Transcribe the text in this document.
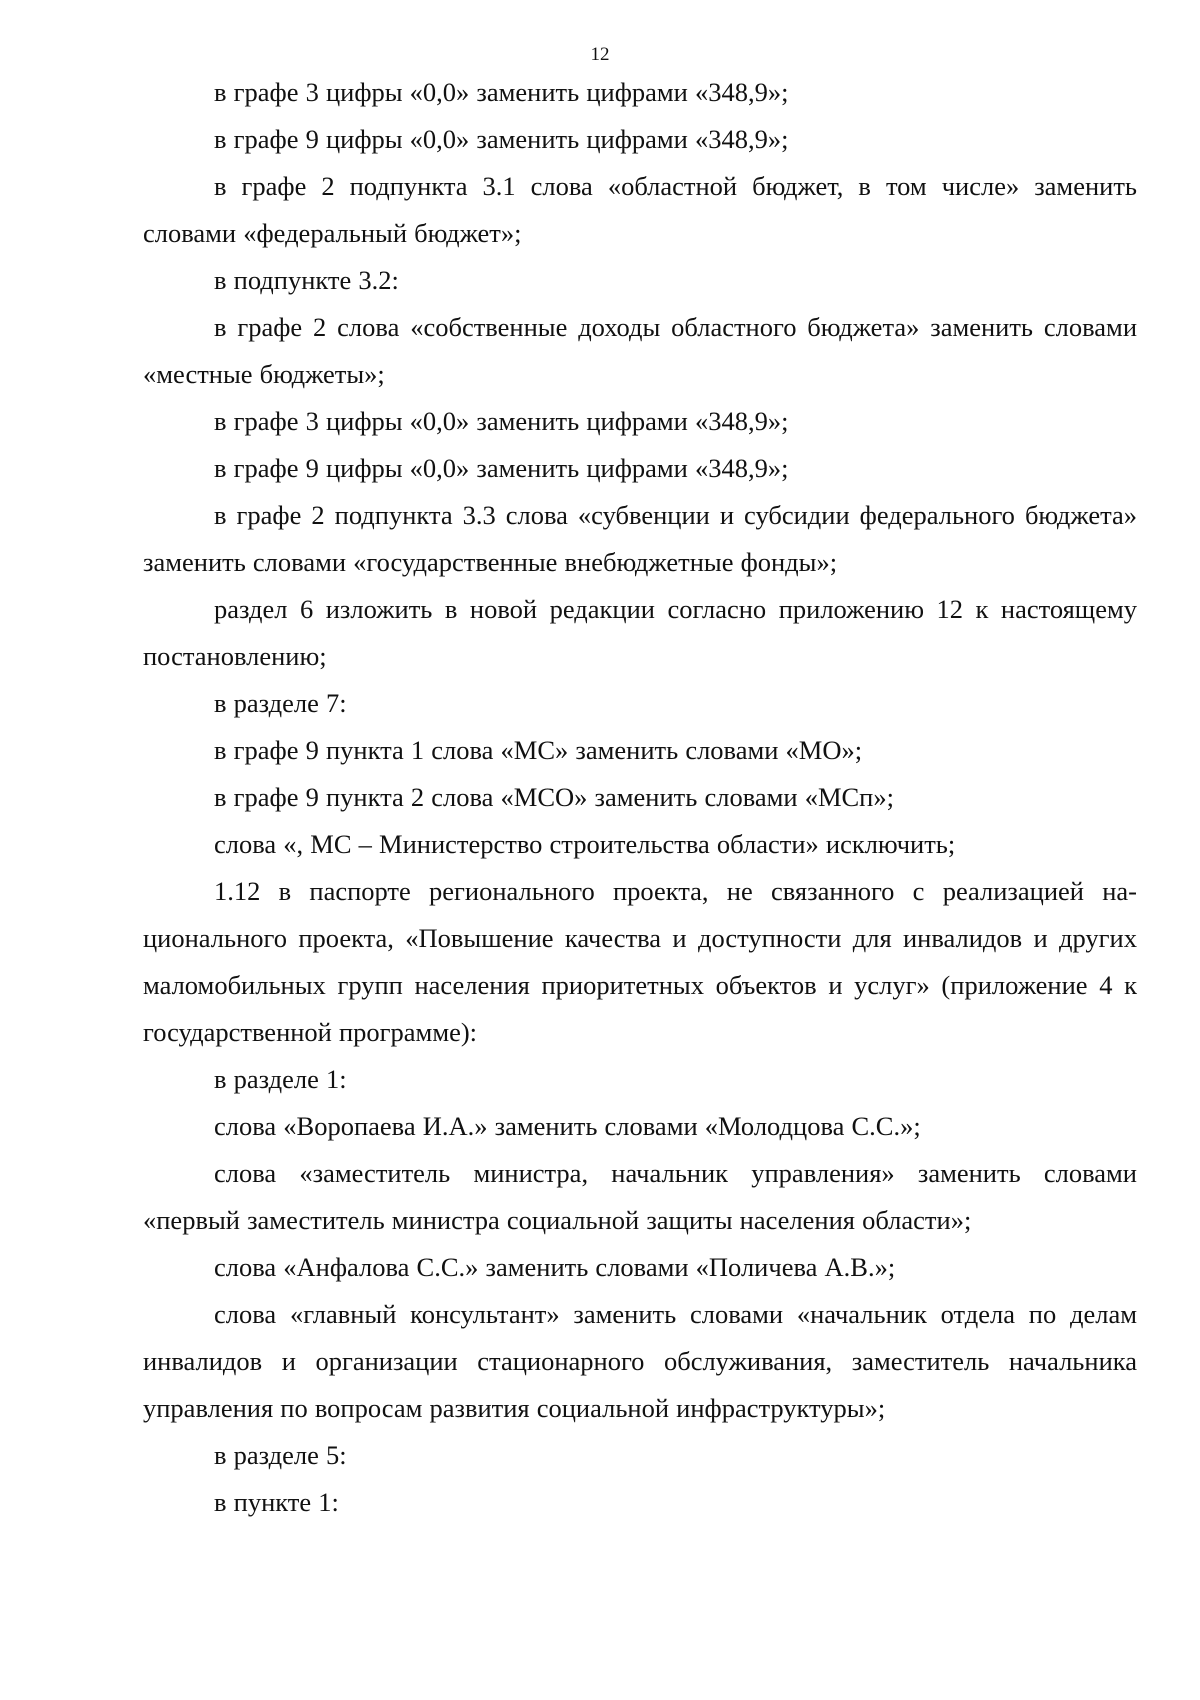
12

в графе 3 цифры «0,0» заменить цифрами «348,9»;

в графе 9 цифры «0,0» заменить цифрами «348,9»;

в графе 2 подпункта 3.1 слова «областной бюджет, в том числе» заменить словами «федеральный бюджет»;

в подпункте 3.2:

в графе 2 слова «собственные доходы областного бюджета» заменить словами «местные бюджеты»;

в графе 3 цифры «0,0» заменить цифрами «348,9»;

в графе 9 цифры «0,0» заменить цифрами «348,9»;

в графе 2 подпункта 3.3 слова «субвенции и субсидии федерального бюджета» заменить словами «государственные внебюджетные фонды»;

раздел 6 изложить в новой редакции согласно приложению 12 к настоящему постановлению;

в разделе 7:

в графе 9 пункта 1 слова «МС» заменить словами «МО»;

в графе 9 пункта 2 слова «МСО» заменить словами «МСп»;

слова «, МС – Министерство строительства области» исключить;

1.12 в паспорте регионального проекта, не связанного с реализацией национального проекта, «Повышение качества и доступности для инвалидов и других маломобильных групп населения приоритетных объектов и услуг» (приложение 4 к государственной программе):

в разделе 1:

слова «Воропаева И.А.» заменить словами «Молодцова С.С.»;

слова «заместитель министра, начальник управления» заменить словами «первый заместитель министра социальной защиты населения области»;

слова «Анфалова С.С.» заменить словами «Поличева А.В.»;

слова «главный консультант» заменить словами «начальник отдела по делам инвалидов и организации стационарного обслуживания, заместитель начальника управления по вопросам развития социальной инфраструктуры»;

в разделе 5:

в пункте 1:
